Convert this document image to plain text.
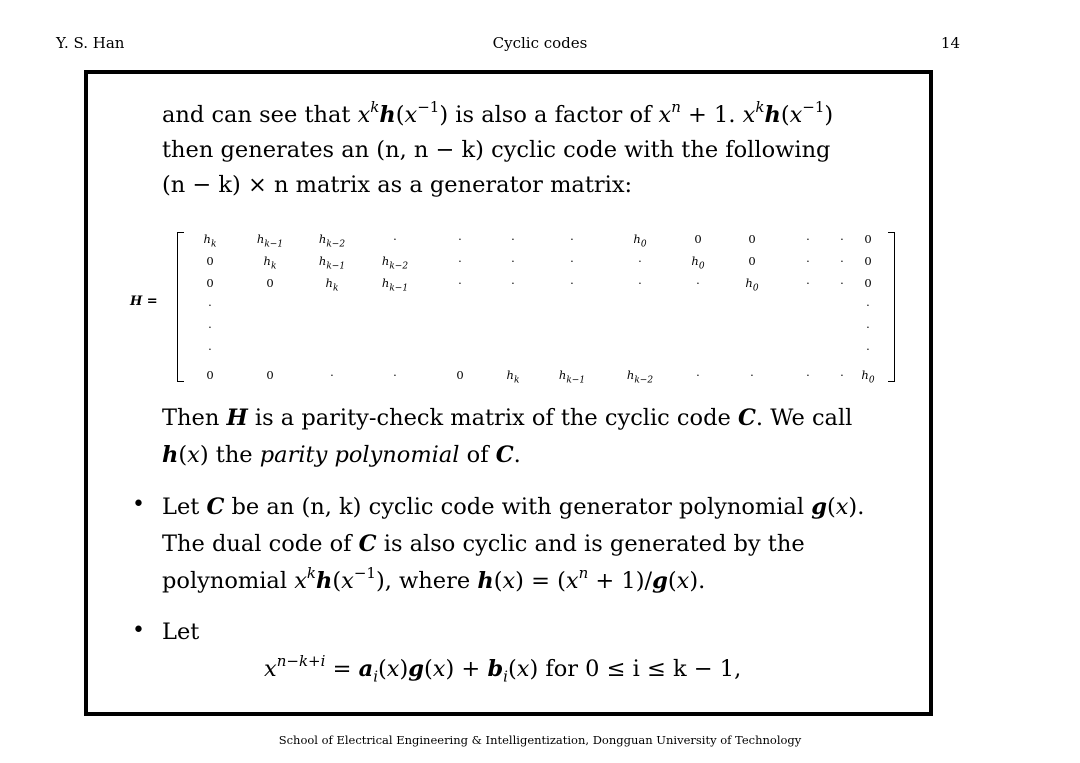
Y. S. Han	Cyclic codes	14
and can see that $x^kh(x^{-1})$ is also a factor of $x^n + 1$. $x^kh(x^{-1})$
then generates an (n, n − k) cyclic code with the following
(n − k) × n matrix as a generator matrix:
H =
$h_k$	$h_{k-1}$	$h_{k-2}$	·	·	·	·	$h_0$	0	0	·	·	0
0	$h_k$	$h_{k-1}$	$h_{k-2}$	·	·	·	·	$h_0$	0	·	·	0
0	0	$h_k$	$h_{k-1}$	·	·	·	·	·	$h_0$	·	·	0
·	·
·	·
·	·
0	0	·	·	0	$h_k$	$h_{k-1}$	$h_{k-2}$	·	·	·	·	$h_0$
Then H is a parity-check matrix of the cyclic code C. We call
h(x) the parity polynomial of C.
• Let C be an (n, k) cyclic code with generator polynomial g(x).
The dual code of C is also cyclic and is generated by the
polynomial $x^kh(x^{-1})$, where $h(x) = (x^n + 1)/g(x)$.
• Let
$x^{n-k+i} = a_i(x)g(x) + b_i(x)$ for 0 ≤ i ≤ k − 1,
School of Electrical Engineering & Intelligentization, Dongguan University of Technology
